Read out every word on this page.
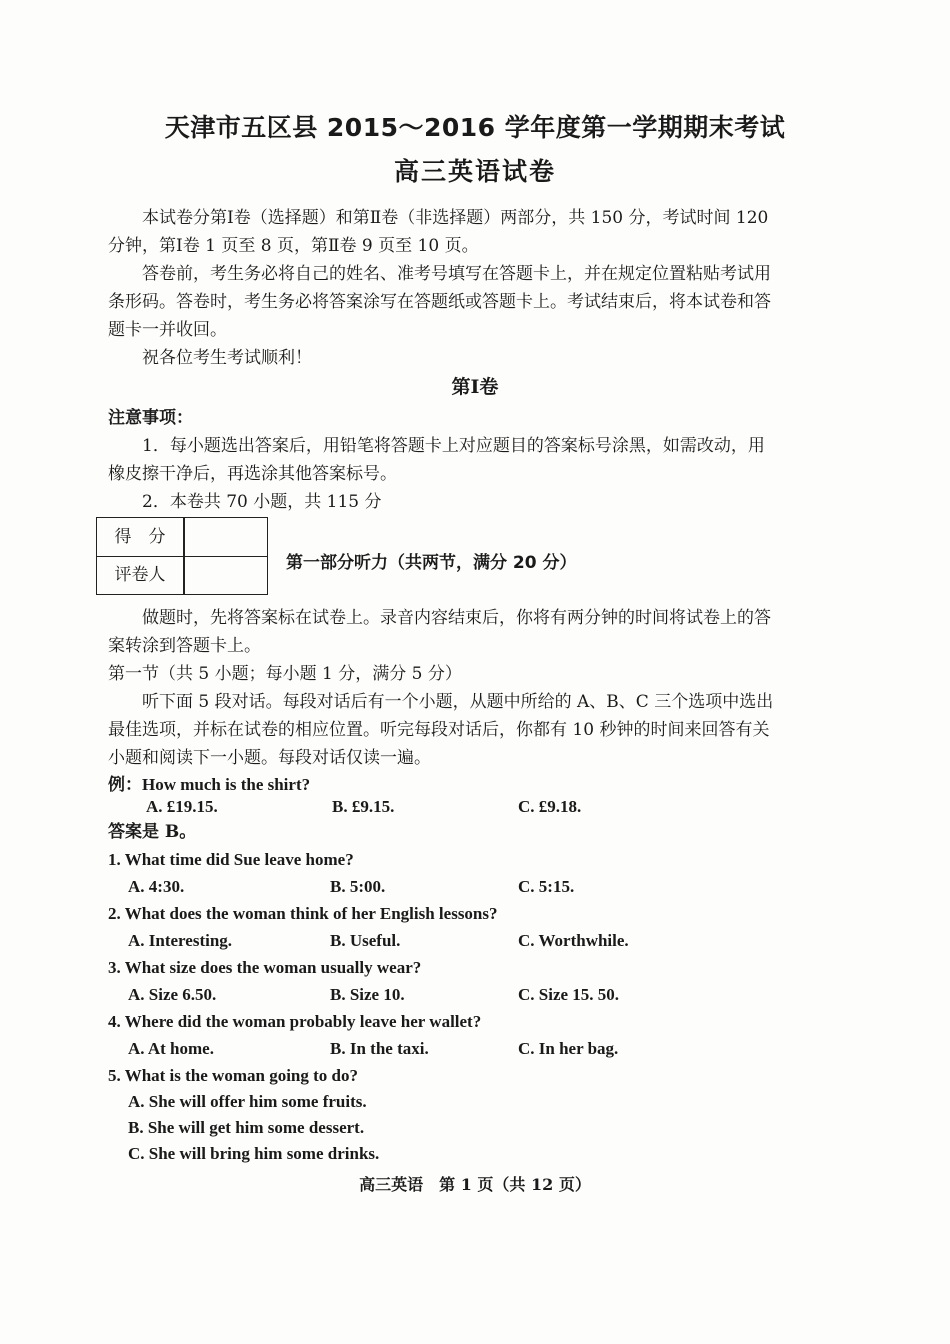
天津市五区县 2015～2016 学年度第一学期期末考试
高三英语试卷
本试卷分第Ⅰ卷（选择题）和第Ⅱ卷（非选择题）两部分，共 150 分，考试时间 120
分钟，第Ⅰ卷 1 页至 8 页，第Ⅱ卷 9 页至 10 页。
答卷前，考生务必将自己的姓名、准考号填写在答题卡上，并在规定位置粘贴考试用
条形码。答卷时，考生务必将答案涂写在答题纸或答题卡上。考试结束后，将本试卷和答
题卡一并收回。
祝各位考生考试顺利！
第Ⅰ卷
注意事项：
1．每小题选出答案后，用铅笔将答题卡上对应题目的答案标号涂黑，如需改动，用
橡皮擦干净后，再选涂其他答案标号。
2．本卷共 70 小题，共 115 分
得　分
评卷人
第一部分听力（共两节，满分 20 分）
做题时，先将答案标在试卷上。录音内容结束后，你将有两分钟的时间将试卷上的答
案转涂到答题卡上。
第一节（共 5 小题；每小题 1 分，满分 5 分）
听下面 5 段对话。每段对话后有一个小题，从题中所给的 A、B、C 三个选项中选出
最佳选项，并标在试卷的相应位置。听完每段对话后，你都有 10 秒钟的时间来回答有关
小题和阅读下一小题。每段对话仅读一遍。
例：How much is the shirt?
A. £19.15.	B. £9.15.	C. £9.18.
答案是 B。
1. What time did Sue leave home?
A. 4:30.	B. 5:00.	C. 5:15.
2. What does the woman think of her English lessons?
A. Interesting.	B. Useful.	C. Worthwhile.
3. What size does the woman usually wear?
A. Size 6.50.	B. Size 10.	C. Size 15. 50.
4. Where did the woman probably leave her wallet?
A. At home.	B. In the taxi.	C. In her bag.
5. What is the woman going to do?
A. She will offer him some fruits.
B. She will get him some dessert.
C. She will bring him some drinks.
高三英语　第 1 页（共 12 页）
